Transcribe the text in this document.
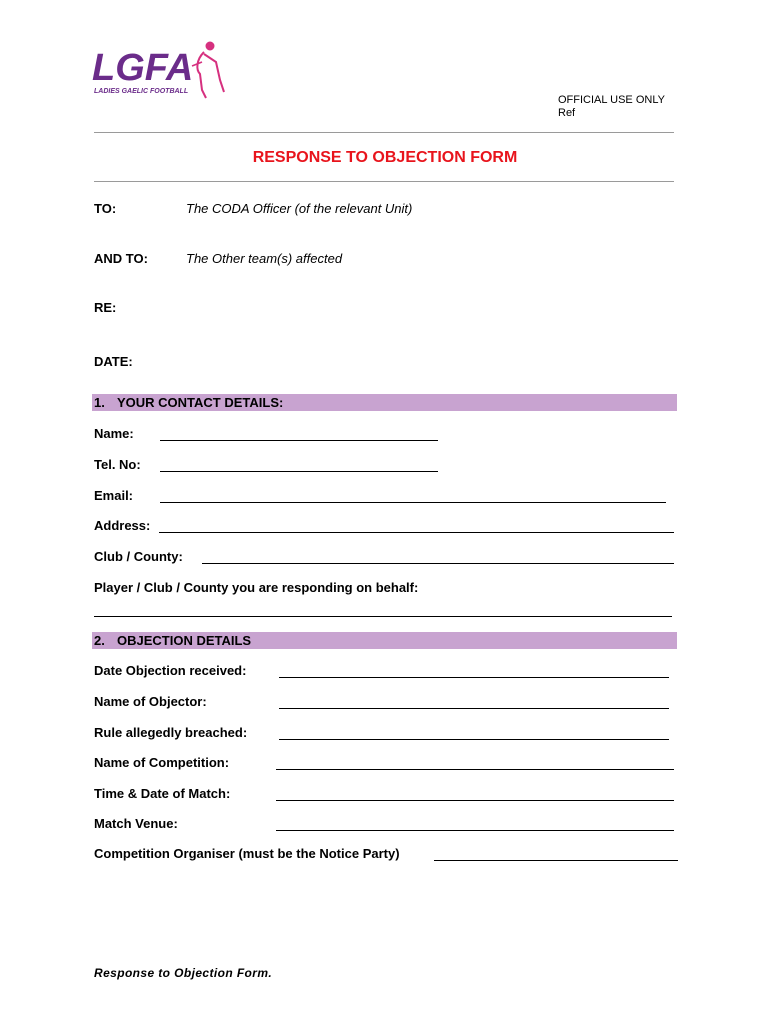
LGFA
LADIES GAELIC FOOTBALL
OFFICIAL USE ONLY
Ref
RESPONSE TO OBJECTION FORM
TO:	The CODA Officer (of the relevant Unit)
AND TO:	The Other team(s) affected
RE:
DATE:
1. YOUR CONTACT DETAILS:
Name:
Tel. No:
Email:
Address:
Club / County:
Player / Club / County you are responding on behalf:
2. OBJECTION DETAILS
Date Objection received:
Name of Objector:
Rule allegedly breached:
Name of Competition:
Time & Date of Match:
Match Venue:
Competition Organiser (must be the Notice Party)
Response to Objection Form.
